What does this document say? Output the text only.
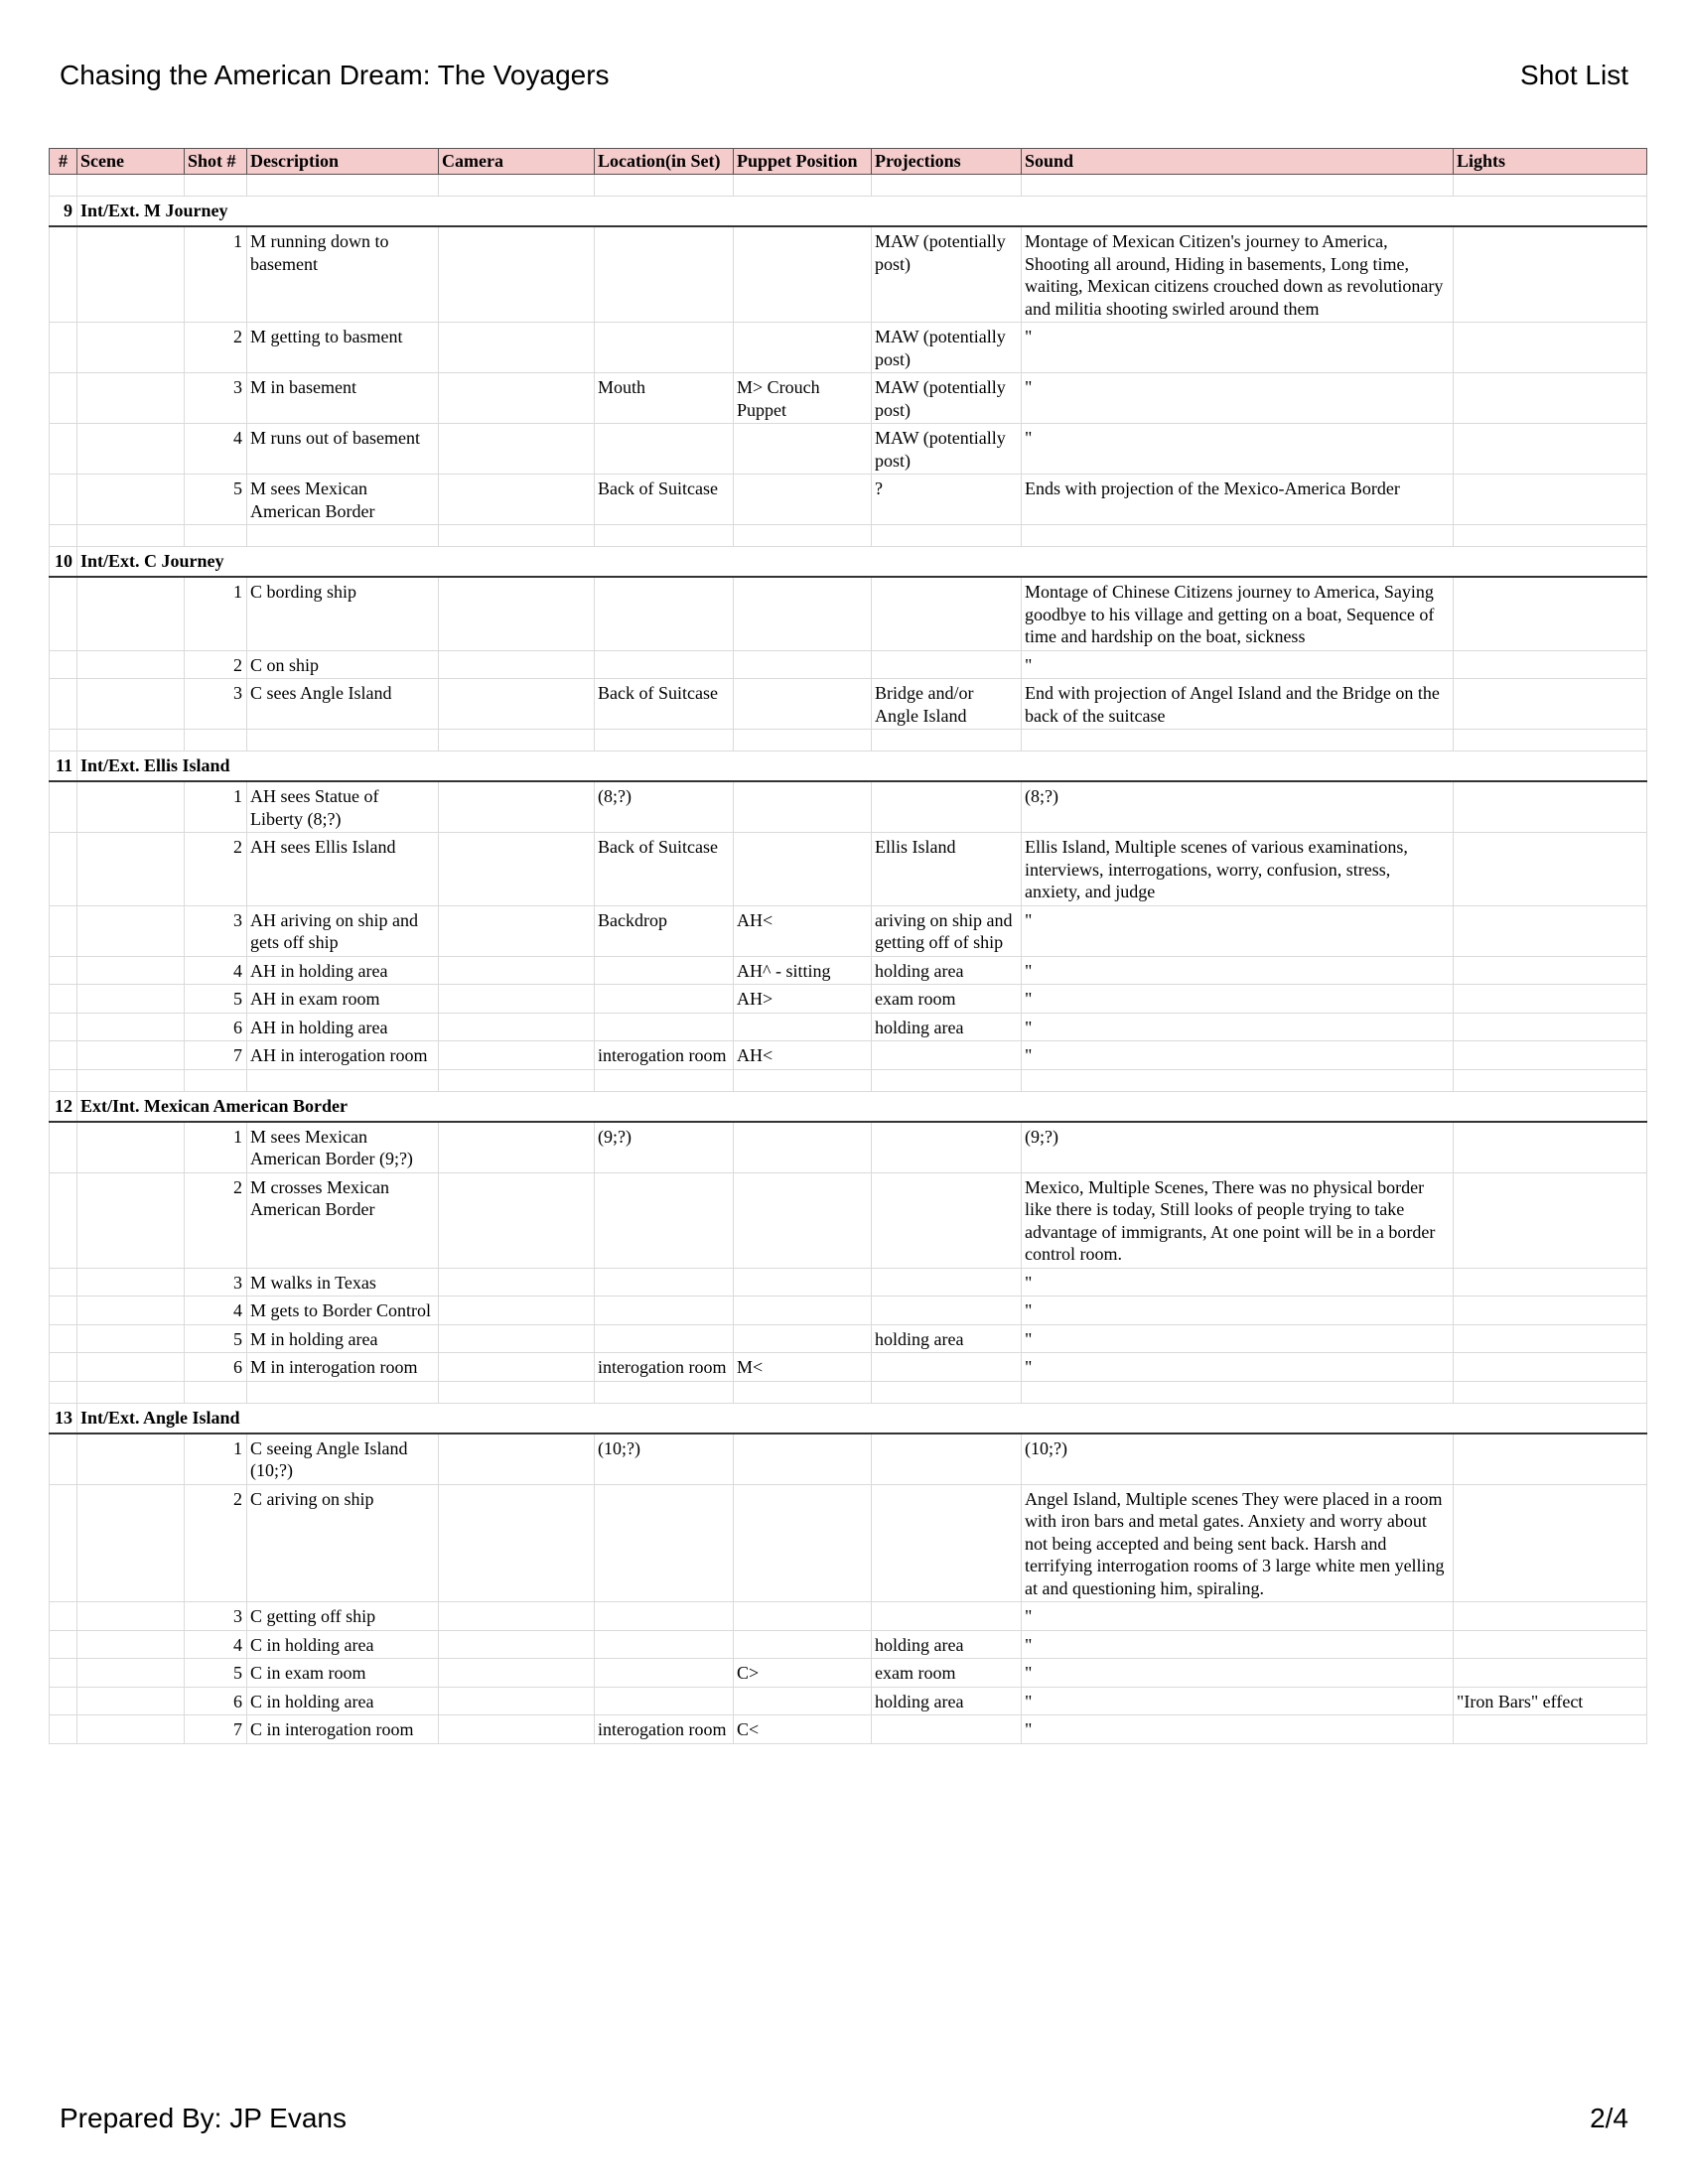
Chasing the American Dream: The Voyagers	Shot List
#	Scene	Shot #	Description	Camera	Location(in Set)	Puppet Position	Projections	Sound	Lights

9	Int/Ext. M Journey								
		1	M running down to basement				MAW (potentially post)	Montage of Mexican Citizen's journey to America, Shooting all around, Hiding in basements, Long time, waiting, Mexican citizens crouched down as revolutionary and militia shooting swirled around them	
		2	M getting to basment				MAW (potentially post)	"	
		3	M in basement		Mouth	M> Crouch Puppet	MAW (potentially post)	"	
		4	M runs out of basement				MAW (potentially post)	"	
		5	M sees Mexican American Border		Back of Suitcase		?	Ends with projection of the Mexico-America Border	

10	Int/Ext. C Journey								
		1	C bording ship					Montage of Chinese Citizens journey to America, Saying goodbye to his village and getting on a boat, Sequence of time and hardship on the boat, sickness	
		2	C on ship					"	
		3	C sees Angle Island		Back of Suitcase		Bridge and/or Angle Island	End with projection of Angel Island and the Bridge on the back of the suitcase	

11	Int/Ext. Ellis Island								
		1	AH sees Statue of Liberty (8;?)		(8;?)			(8;?)	
		2	AH sees Ellis Island		Back of Suitcase		Ellis Island	Ellis Island, Multiple scenes of various examinations, interviews, interrogations, worry, confusion, stress, anxiety, and judge	
		3	AH ariving on ship and gets off ship		Backdrop	AH<	ariving on ship and getting off of ship	"	
		4	AH in holding area			AH^ - sitting	holding area	"	
		5	AH in exam room			AH>	exam room	"	
		6	AH in holding area				holding area	"	
		7	AH in interogation room		interogation room	AH<		"	

12	Ext/Int. Mexican American Border								
		1	M sees Mexican American Border (9;?)		(9;?)			(9;?)	
		2	M crosses Mexican American Border					Mexico, Multiple Scenes, There was no physical border like there is today, Still looks of people trying to take advantage of immigrants, At one point will be in a border control room.	
		3	M walks in Texas					"	
		4	M gets to Border Control					"	
		5	M in holding area				holding area	"	
		6	M in interogation room		interogation room	M<		"	

13	Int/Ext. Angle Island								
		1	C seeing Angle Island (10;?)		(10;?)			(10;?)	
		2	C ariving on ship					Angel Island, Multiple scenes They were placed in a room with iron bars and metal gates. Anxiety and worry about not being accepted and being sent back. Harsh and terrifying interrogation rooms of 3 large white men yelling at and questioning him, spiraling.	
		3	C getting off ship					"	
		4	C in holding area				holding area	"	
		5	C in exam room			C>	exam room	"	
		6	C in holding area				holding area	"	"Iron Bars" effect
		7	C in interogation room		interogation room	C<		"	
Prepared By: JP Evans	2/4
